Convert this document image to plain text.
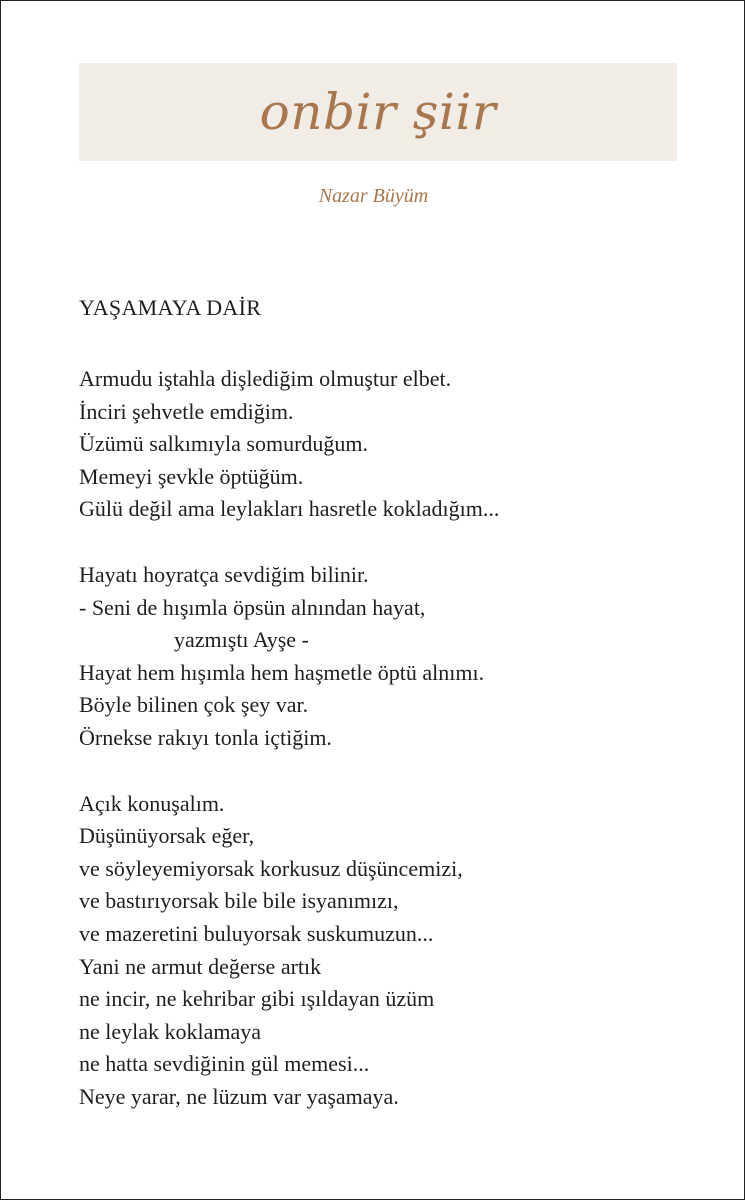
onbir şiir
Nazar Büyüm
YAŞAMAYA DAİR
Armudu iştahla dişlediğim olmuştur elbet.
İnciri şehvetle emdiğim.
Üzümü salkımıyla somurduğum.
Memeyi şevkle öptüğüm.
Gülü değil ama leylakları hasretle kokladığım...
Hayatı hoyratça sevdiğim bilinir.
- Seni de hışımla öpsün alnından hayat,
yazmıştı Ayşe -
Hayat hem hışımla hem haşmetle öptü alnımı.
Böyle bilinen çok şey var.
Örnekse rakıyı tonla içtiğim.
Açık konuşalım.
Düşünüyorsak eğer,
ve söyleyemiyorsak korkusuz düşüncemizi,
ve bastırıyorsak bile bile isyanımızı,
ve mazeretini buluyorsak suskumuzun...
Yani ne armut değerse artık
ne incir, ne kehribar gibi ışıldayan üzüm
ne leylak koklamaya
ne hatta sevdiğinin gül memesi...
Neye yarar, ne lüzum var yaşamaya.
